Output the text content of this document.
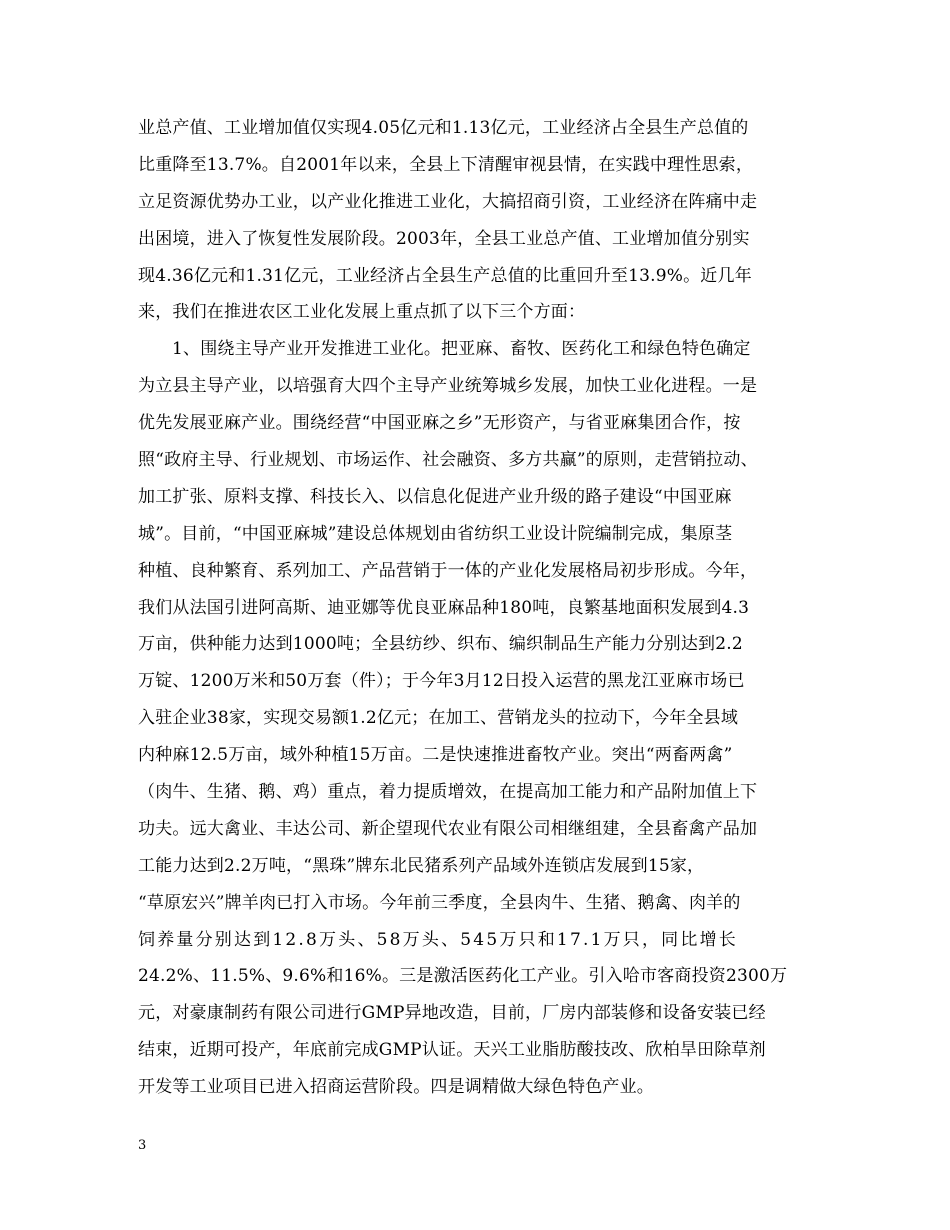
业总产值、工业增加值仅实现4.05亿元和1.13亿元，工业经济占全县生产总值的
比重降至13.7%。自2001年以来，全县上下清醒审视县情，在实践中理性思索，
立足资源优势办工业，以产业化推进工业化，大搞招商引资，工业经济在阵痛中走
出困境，进入了恢复性发展阶段。2003年，全县工业总产值、工业增加值分别实
现4.36亿元和1.31亿元，工业经济占全县生产总值的比重回升至13.9%。近几年
来，我们在推进农区工业化发展上重点抓了以下三个方面：
1、围绕主导产业开发推进工业化。把亚麻、畜牧、医药化工和绿色特色确定
为立县主导产业，以培强育大四个主导产业统筹城乡发展，加快工业化进程。一是
优先发展亚麻产业。围绕经营“中国亚麻之乡”无形资产，与省亚麻集团合作，按
照“政府主导、行业规划、市场运作、社会融资、多方共赢”的原则，走营销拉动、
加工扩张、原料支撑、科技长入、以信息化促进产业升级的路子建设“中国亚麻
城”。目前，“中国亚麻城”建设总体规划由省纺织工业设计院编制完成，集原茎
种植、良种繁育、系列加工、产品营销于一体的产业化发展格局初步形成。今年，
我们从法国引进阿高斯、迪亚娜等优良亚麻品种180吨，良繁基地面积发展到4.3
万亩，供种能力达到1000吨；全县纺纱、织布、编织制品生产能力分别达到2.2
万锭、1200万米和50万套（件）；于今年3月12日投入运营的黑龙江亚麻市场已
入驻企业38家，实现交易额1.2亿元；在加工、营销龙头的拉动下，今年全县域
内种麻12.5万亩，域外种植15万亩。二是快速推进畜牧产业。突出“两畜两禽”
（肉牛、生猪、鹅、鸡）重点，着力提质增效，在提高加工能力和产品附加值上下
功夫。远大禽业、丰达公司、新企望现代农业有限公司相继组建，全县畜禽产品加
工能力达到2.2万吨，“黑珠”牌东北民猪系列产品域外连锁店发展到15家，
“草原宏兴”牌羊肉已打入市场。今年前三季度，全县肉牛、生猪、鹅禽、肉羊的
饲养量分别达到12.8万头、58万头、545万只和17.1万只，同比增长
24.2%、11.5%、9.6%和16%。三是激活医药化工产业。引入哈市客商投资2300万
元，对豪康制药有限公司进行GMP异地改造，目前，厂房内部装修和设备安装已经
结束，近期可投产，年底前完成GMP认证。天兴工业脂肪酸技改、欣柏旱田除草剂
开发等工业项目已进入招商运营阶段。四是调精做大绿色特色产业。
3
